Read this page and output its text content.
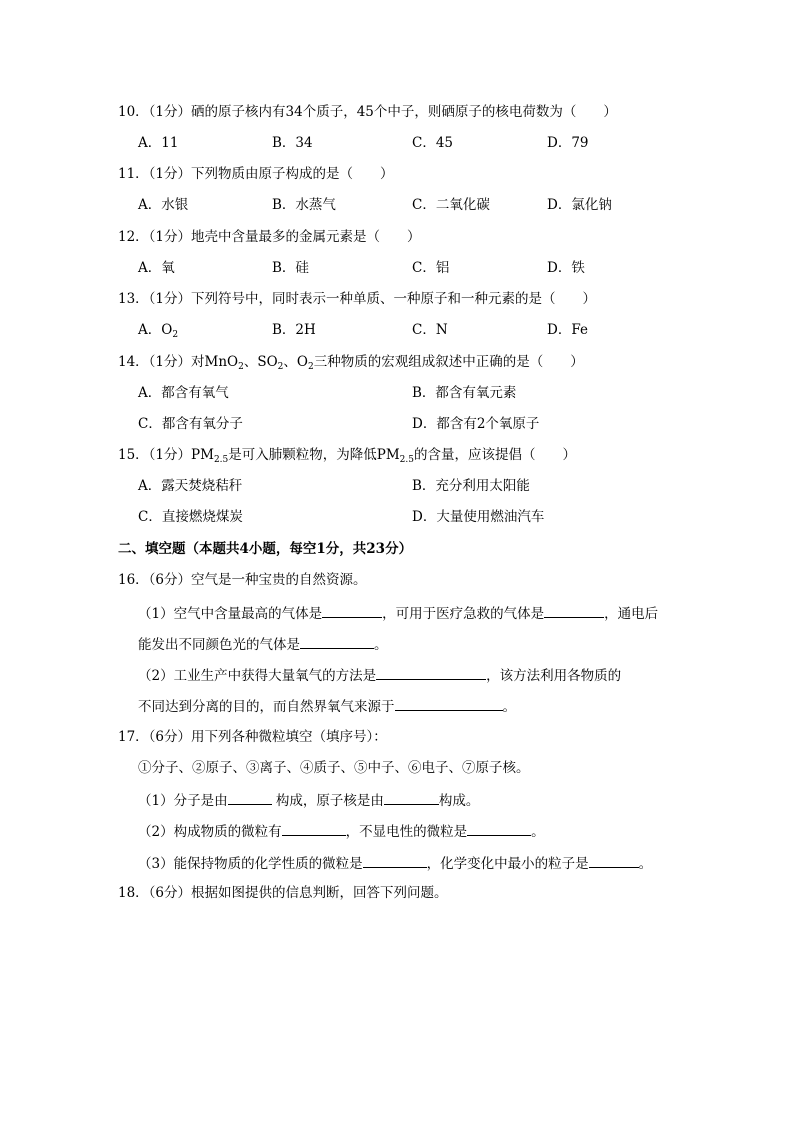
10．（1分）硒的原子核内有34个质子，45个中子，则硒原子的核电荷数为（　　）
A．11	B．34	C．45	D．79
11．（1分）下列物质由原子构成的是（　　）
A．水银	B．水蒸气	C．二氧化碳	D．氯化钠
12．（1分）地壳中含量最多的金属元素是（　　）
A．氧	B．硅	C．铝	D．铁
13．（1分）下列符号中，同时表示一种单质、一种原子和一种元素的是（　　）
A．$O_2$	B．2H	C．N	D．Fe
14．（1分）对MnO$_2$、$SO_2$、$O_2$三种物质的宏观组成叙述中正确的是（　　）
A．都含有氧气	B．都含有氧元素
C．都含有氧分子	D．都含有2个氧原子
15．（1分）$PM_{2.5}$是可入肺颗粒物，为降低$PM_{2.5}$的含量，应该提倡（　　）
A．露天焚烧秸秆	B．充分利用太阳能
C．直接燃烧煤炭	D．大量使用燃油汽车
二、填空题（本题共4小题，每空1分，共23分）
16．（6分）空气是一种宝贵的自然资源。
（1）空气中含量最高的气体是	，可用于医疗急救的气体是	，通电后
能发出不同颜色光的气体是	。
（2）工业生产中获得大量氧气的方法是	，该方法利用各物质的
不同达到分离的目的，而自然界氧气来源于	。
17．（6分）用下列各种微粒填空（填序号）：
①分子、②原子、③离子、④质子、⑤中子、⑥电子、⑦原子核。
（1）分子是由	构成，原子核是由	构成。
（2）构成物质的微粒有	，不显电性的微粒是	。
（3）能保持物质的化学性质的微粒是	，化学变化中最小的粒子是	。
18．（6分）根据如图提供的信息判断，回答下列问题。
